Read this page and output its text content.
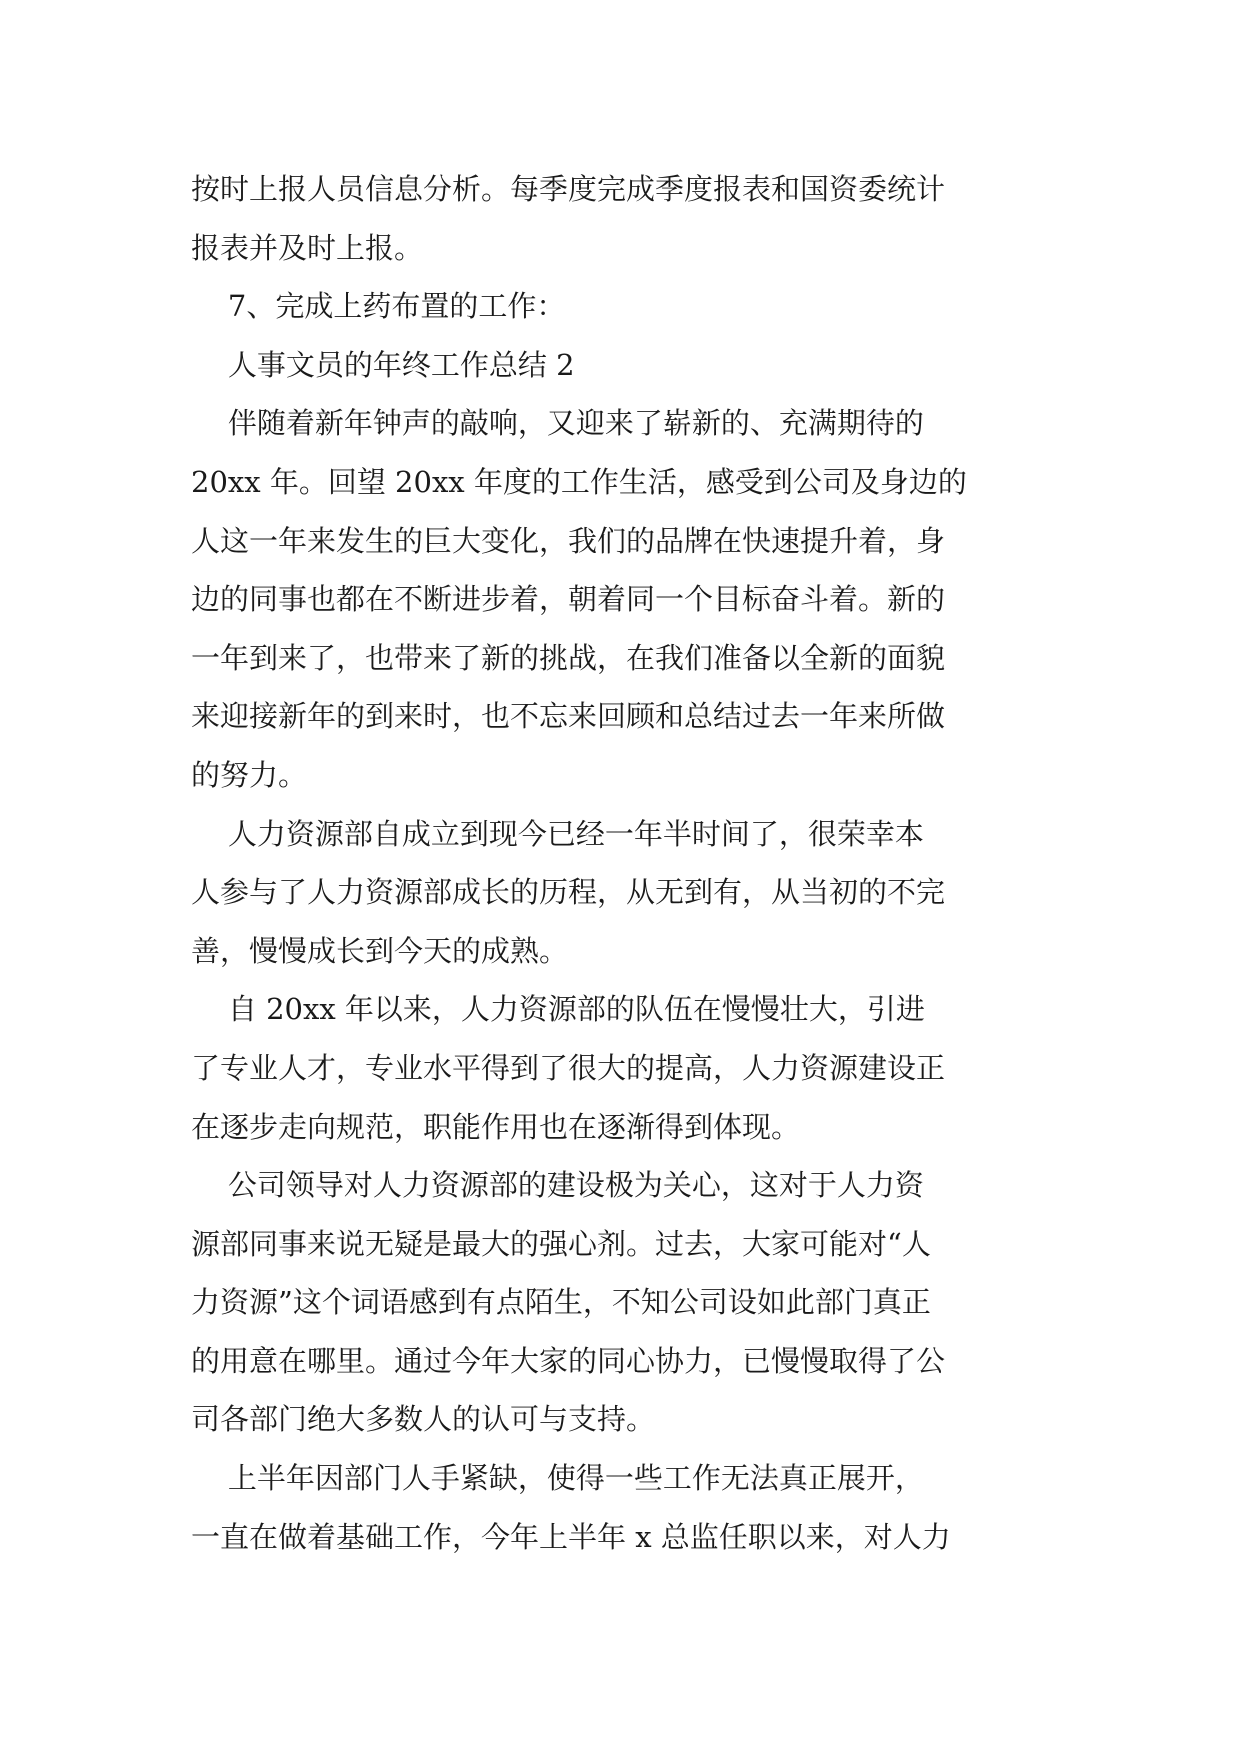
按时上报人员信息分析。每季度完成季度报表和国资委统计
报表并及时上报。
7、完成上药布置的工作：
人事文员的年终工作总结 2
伴随着新年钟声的敲响，又迎来了崭新的、充满期待的
20xx 年。回望 20xx 年度的工作生活，感受到公司及身边的
人这一年来发生的巨大变化，我们的品牌在快速提升着，身
边的同事也都在不断进步着，朝着同一个目标奋斗着。新的
一年到来了，也带来了新的挑战，在我们准备以全新的面貌
来迎接新年的到来时，也不忘来回顾和总结过去一年来所做
的努力。
人力资源部自成立到现今已经一年半时间了，很荣幸本
人参与了人力资源部成长的历程，从无到有，从当初的不完
善，慢慢成长到今天的成熟。
自 20xx 年以来，人力资源部的队伍在慢慢壮大，引进
了专业人才，专业水平得到了很大的提高，人力资源建设正
在逐步走向规范，职能作用也在逐渐得到体现。
公司领导对人力资源部的建设极为关心，这对于人力资
源部同事来说无疑是最大的强心剂。过去，大家可能对“人
力资源”这个词语感到有点陌生，不知公司设如此部门真正
的用意在哪里。通过今年大家的同心协力，已慢慢取得了公
司各部门绝大多数人的认可与支持。
上半年因部门人手紧缺，使得一些工作无法真正展开，
一直在做着基础工作，今年上半年 x 总监任职以来，对人力
